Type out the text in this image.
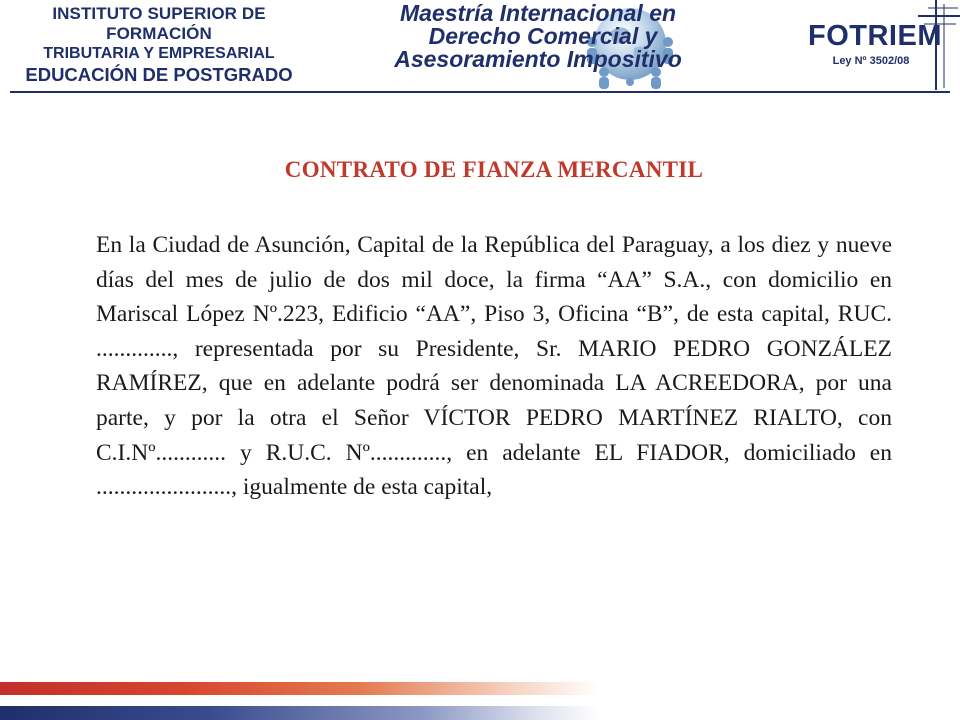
INSTITUTO SUPERIOR DE FORMACIÓN
TRIBUTARIA Y EMPRESARIAL
EDUCACIÓN DE POSTGRADO
Maestría Internacional en
Derecho Comercial y
Asesoramiento Impositivo
FOTRIEM
Ley Nº 3502/08
CONTRATO DE FIANZA MERCANTIL
En la Ciudad de Asunción, Capital de la República del Paraguay, a los diez y nueve días del mes de julio de dos mil doce, la firma “AA” S.A., con domicilio en Mariscal López Nº.223, Edificio “AA”, Piso 3, Oficina “B”, de esta capital, RUC. ............., representada por su Presidente, Sr. MARIO PEDRO GONZÁLEZ RAMÍREZ, que en adelante podrá ser denominada LA ACREEDORA, por una parte, y por la otra el Señor VÍCTOR PEDRO MARTÍNEZ RIALTO, con C.I.Nº............ y R.U.C. Nº............., en adelante EL FIADOR, domiciliado en ......................., igualmente de esta capital,
